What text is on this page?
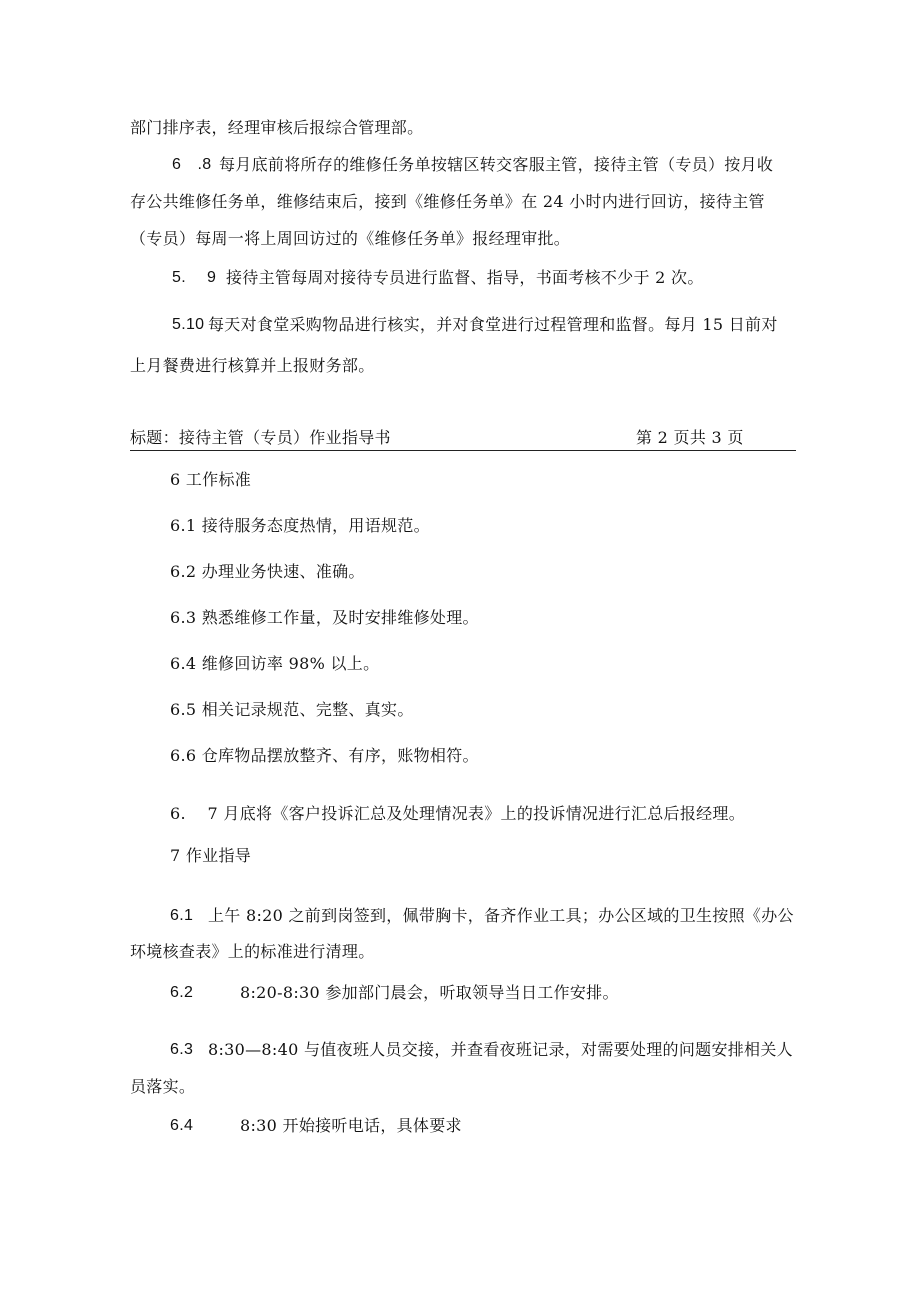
部门排序表，经理审核后报综合管理部。

6　.8 每月底前将所存的维修任务单按辖区转交客服主管，接待主管（专员）按月收

存公共维修任务单，维修结束后，接到《维修任务单》在 24 小时内进行回访，接待主管

（专员）每周一将上周回访过的《维修任务单》报经理审批。

5.　 9 接待主管每周对接待专员进行监督、指导，书面考核不少于 2 次。

5.10 每天对食堂采购物品进行核实，并对食堂进行过程管理和监督。每月 15 日前对

上月餐费进行核算并上报财务部。

标题：接待主管（专员）作业指导书	第 2 页共 3 页

6 工作标准

6.1 接待服务态度热情，用语规范。

6.2 办理业务快速、准确。

6.3 熟悉维修工作量，及时安排维修处理。

6.4 维修回访率 98% 以上。

6.5 相关记录规范、完整、真实。

6.6 仓库物品摆放整齐、有序，账物相符。

6.　 7 月底将《客户投诉汇总及处理情况表》上的投诉情况进行汇总后报经理。

7 作业指导

6.1 上午 8:20 之前到岗签到，佩带胸卡，备齐作业工具；办公区域的卫生按照《办公

环境核查表》上的标准进行清理。

6.2	8:20-8:30 参加部门晨会，听取领导当日工作安排。

6.3 8:30—8:40 与值夜班人员交接，并查看夜班记录，对需要处理的问题安排相关人

员落实。

6.4	8:30 开始接听电话，具体要求
